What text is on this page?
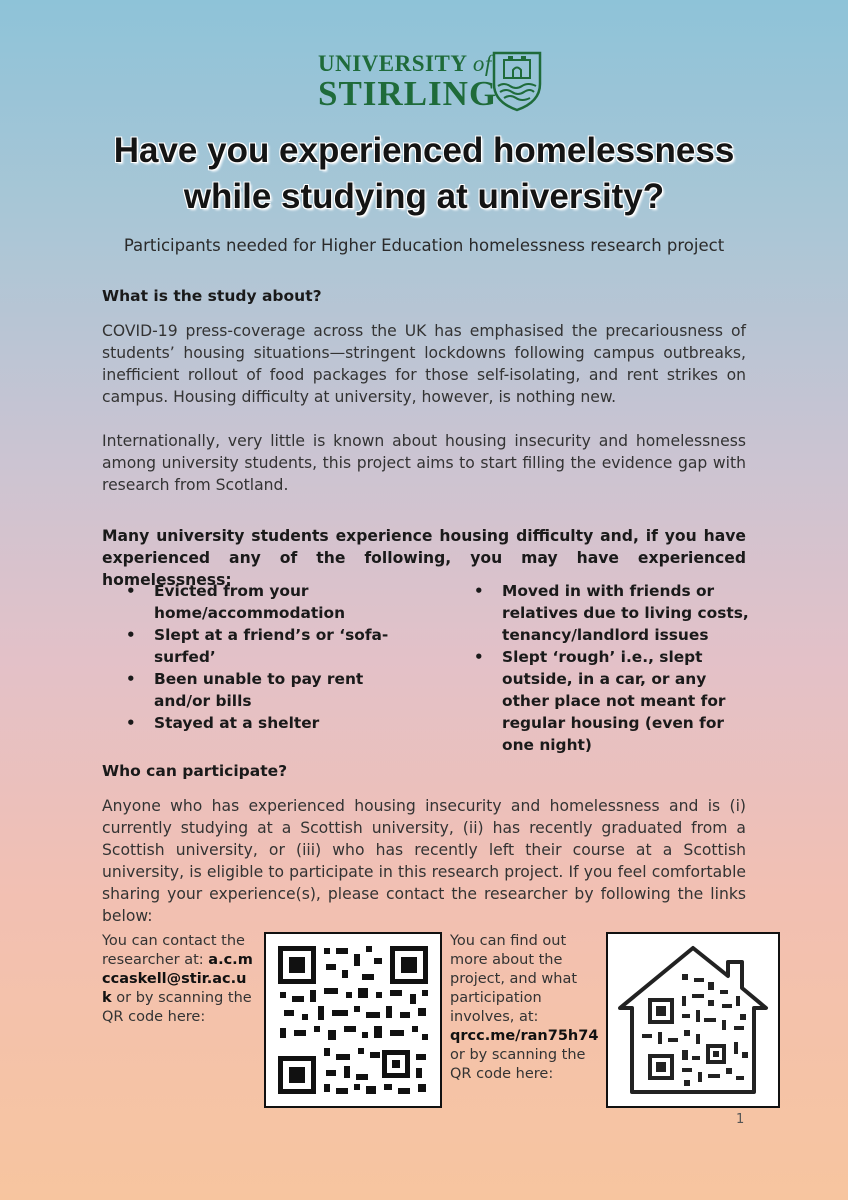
UNIVERSITY of
STIRLING
Have you experienced homelessness
while studying at university?
Participants needed for Higher Education homelessness research project
What is the study about?
COVID-19 press-coverage across the UK has emphasised the precariousness of students’ housing situations—stringent lockdowns following campus outbreaks, inefficient rollout of food packages for those self-isolating, and rent strikes on campus. Housing difficulty at university, however, is nothing new.
Internationally, very little is known about housing insecurity and homelessness among university students, this project aims to start filling the evidence gap with research from Scotland.
Many university students experience housing difficulty and, if you have experienced any of the following, you may have experienced homelessness:
• Evicted from your home/accommodation
• Slept at a friend’s or ‘sofa-surfed’
• Been unable to pay rent and/or bills
• Stayed at a shelter
• Moved in with friends or relatives due to living costs, tenancy/landlord issues
• Slept ‘rough’ i.e., slept outside, in a car, or any other place not meant for regular housing (even for one night)
Who can participate?
Anyone who has experienced housing insecurity and homelessness and is (i) currently studying at a Scottish university, (ii) has recently graduated from a Scottish university, or (iii) who has recently left their course at a Scottish university, is eligible to participate in this research project. If you feel comfortable sharing your experience(s), please contact the researcher by following the links below:
You can contact the researcher at: a.c.mccaskell@stir.ac.uk or by scanning the QR code here:
You can find out more about the project, and what participation involves, at: qrcc.me/ran75h74 or by scanning the QR code here:
1
